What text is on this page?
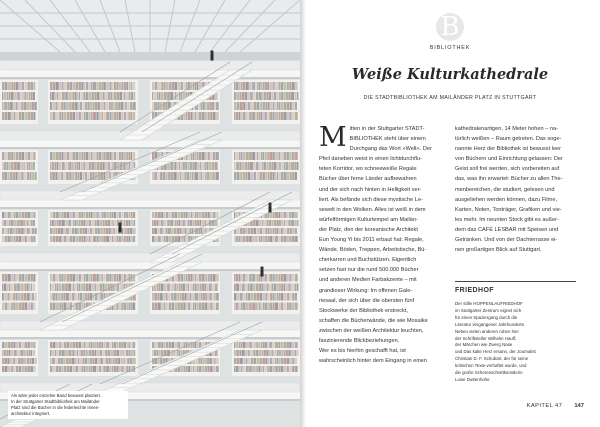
Als wäre jeder einzelne Band bewusst platziert.
In der Stuttgarter Stadtbibliothek am Mailänder
Platz sind die Bücher in die federleichte Innen-
architektur integriert.
B
BIBLIOTHEK
Weiße Kulturkathedrale
DIE STADTBIBLIOTHEK AM MAILÄNDER PLATZ IN STUTTGART
M itten in der Stuttgarter STADT-
BIBLIOTHEK steht über einem
Durchgang das Wort »Welt«. Der
Pfeil daneben weist in einen lichtdurchflu-
teten Korridor, wo schneeweiße Regale
Bücher über ferne Länder aufbewahren
und der sich nach hinten in Helligkeit ver-
liert. Als befände sich diese mystische Le-
sewelt in den Wolken. Alles ist weiß in dem
würfelförmigen Kulturtempel am Mailän-
der Platz, den der koreanische Architekt
Eun Young Yi bis 2011 erbaut hat: Regale,
Wände, Böden, Treppen, Arbeitstische, Bü-
cherkarren und Buchstützen. Eigentlich
setzen fast nur die rund 500.000 Bücher
und anderen Medien Farbakzente – mit
grandioser Wirkung: Im offenen Gale-
riesaal, der sich über die obersten fünf
Stockwerke der Bibliothek erstreckt,
schaffen die Bücherwände, die wie Mosaike
zwischen der weißen Architektur leuchten,
faszinierende Blickbeziehungen.
Wer es bis hierhin geschafft hat, ist
wahrscheinlich hinter dem Eingang in einen
kathedralenartigen, 14 Meter hohen – na-
türlich weißen – Raum getreten. Das soge-
nannte Herz der Bibliothek ist bewusst leer
von Büchern und Einrichtung gelassen: Der
Geist soll frei werden, sich vorbereiten auf
das, was ihn erwartet: Bücher zu allen The-
menbereichen, die studiert, gelesen und
ausgeliehen werden können, dazu Filme,
Karten, Noten, Tonträger, Grafiken und vie-
les mehr. Im neunten Stock gibt es außer-
dem das CAFÉ LESBAR mit Speisen und
Getränken. Und von der Dachterrasse ei-
nen großartigen Blick auf Stuttgart.
FRIEDHOF
Der stille HOPPENLAUFRIEDHOF
im Stuttgarter Zentrum eignet sich
für einen Spaziergang durch die
Literatur vergangener Jahrhunderte.
Neben vielen anderen ruhen hier
der Schriftsteller Wilhelm Hauff,
der Märchen wie Zwerg Nase
und Das kalte Herz ersann, der Journalist
Christian D. F. Schubart, der für seine
kritischen Texte verhaftet wurde, und
die große Scherenschnittkünstlerin
Luise Duttenhofer.
KAPITEL 47 147
